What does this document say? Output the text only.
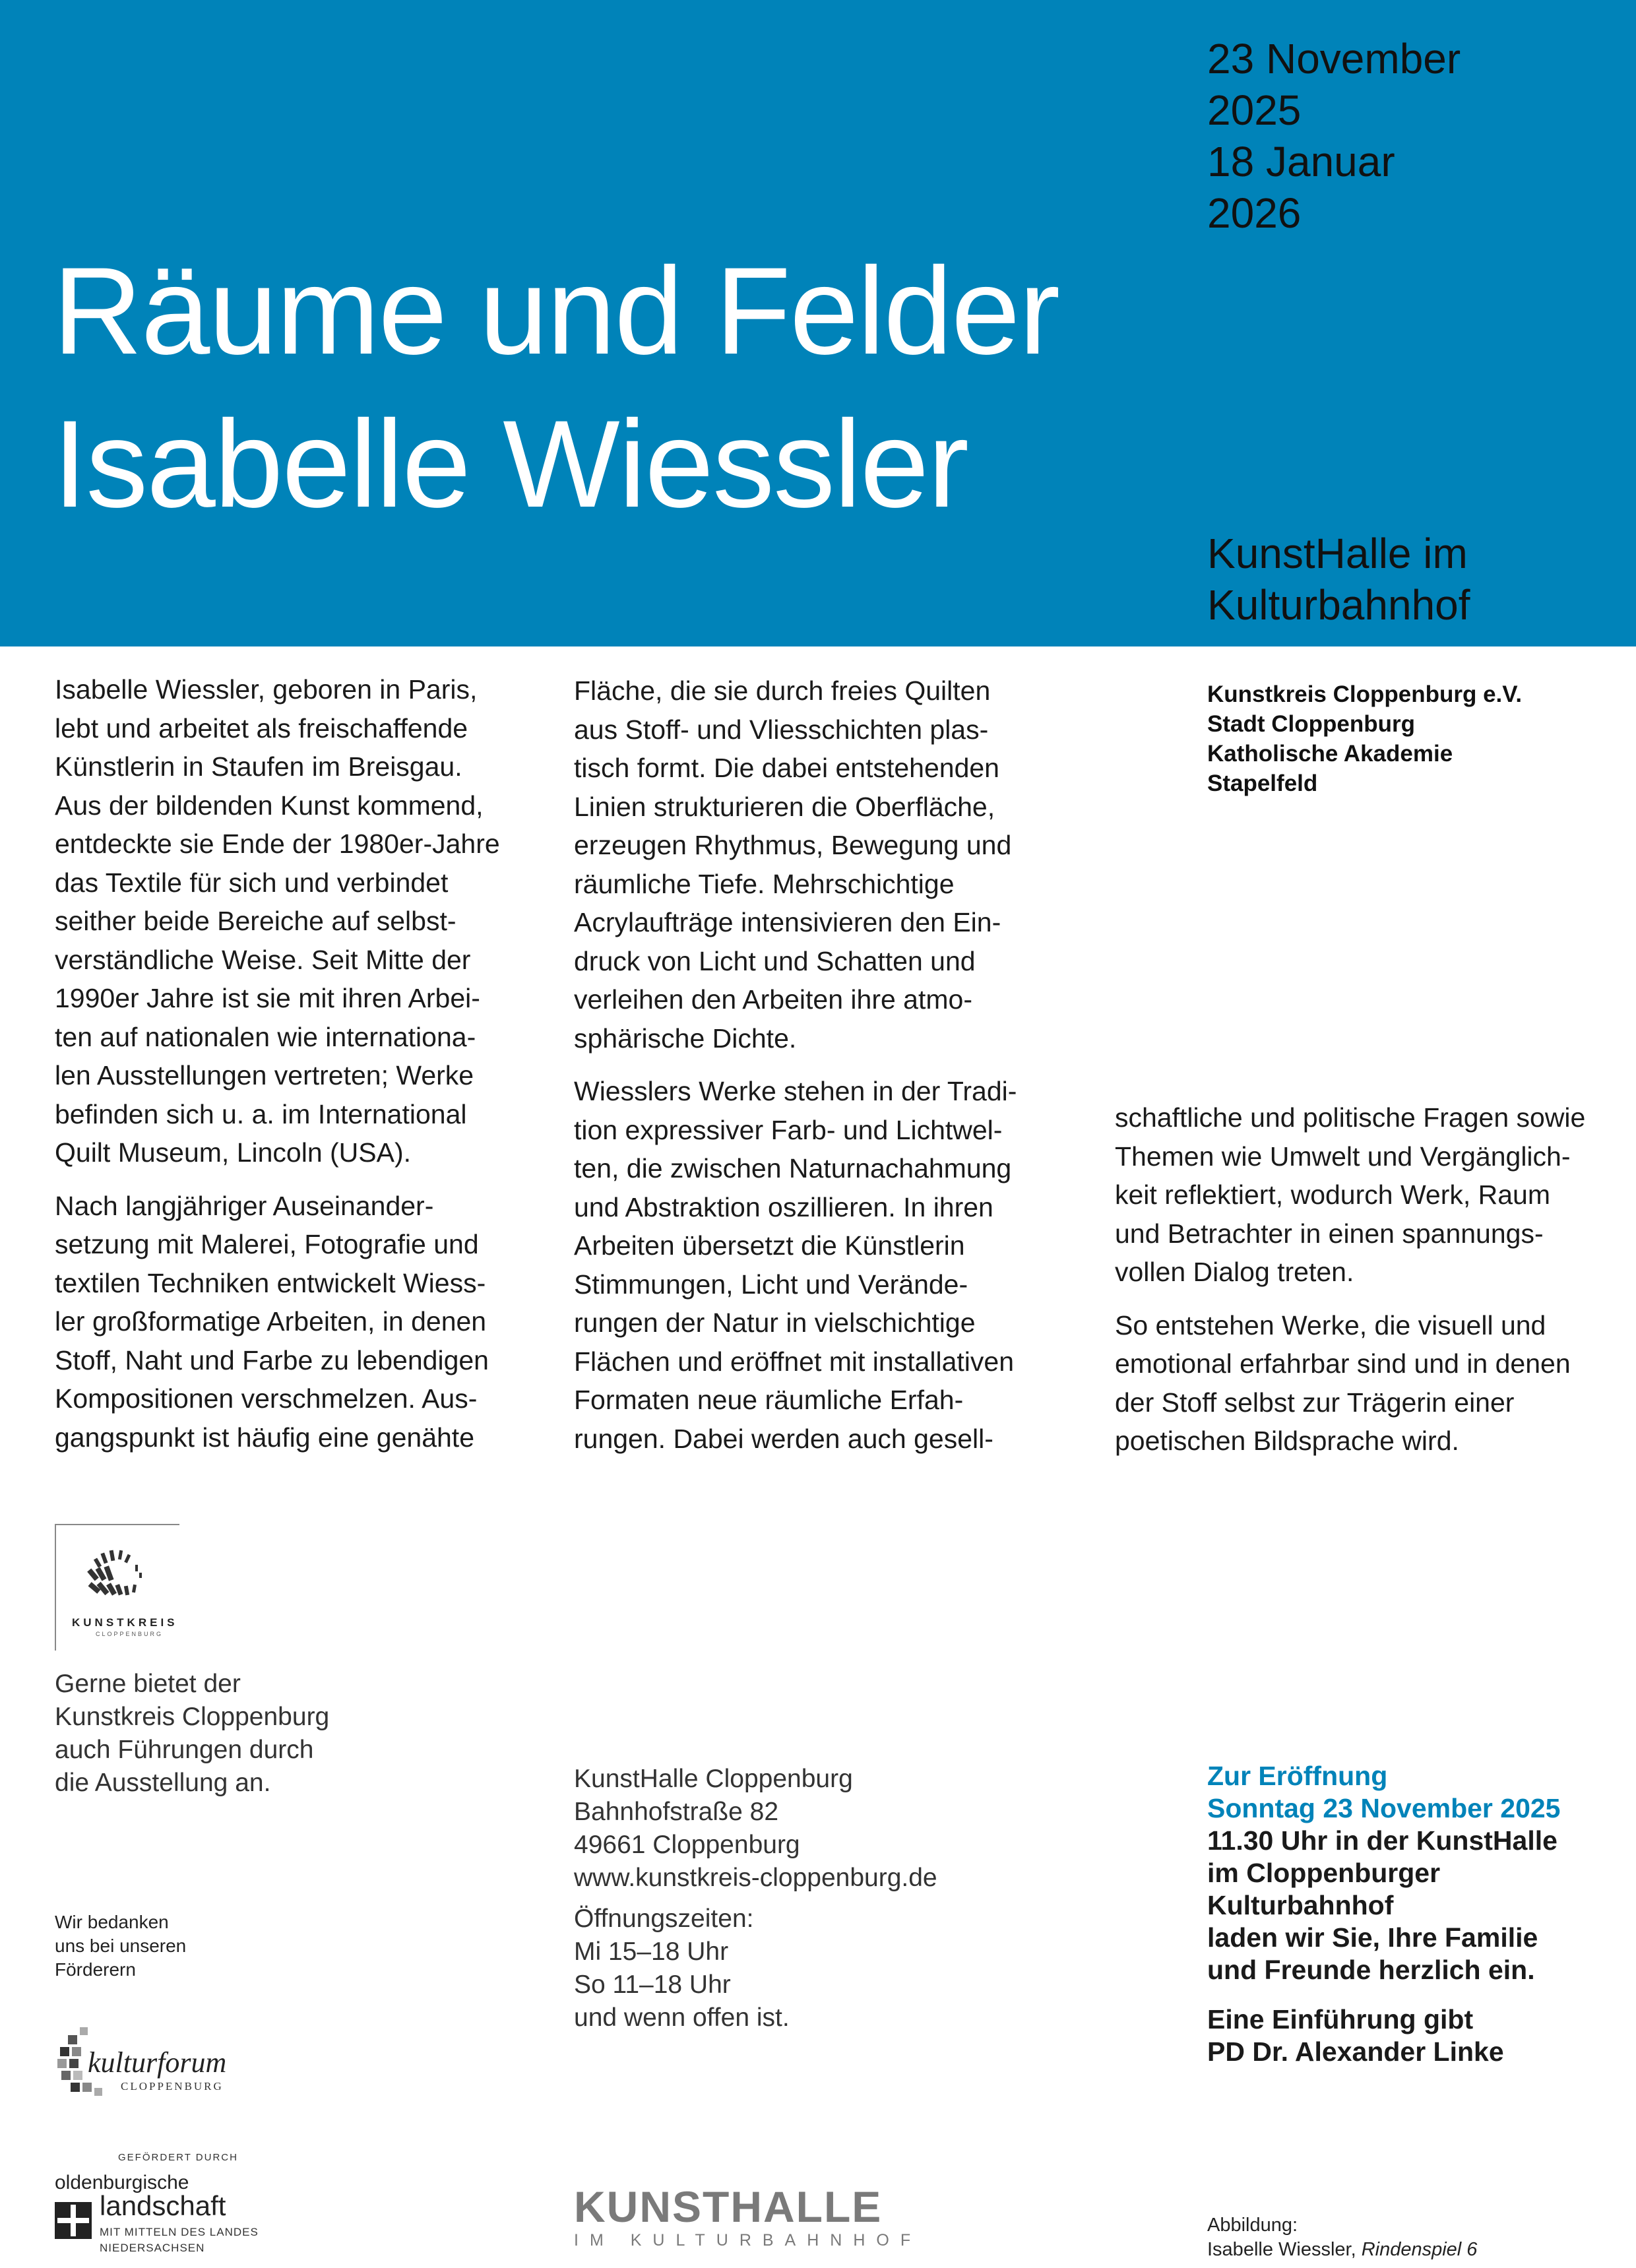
23 November
2025
18 Januar
2026
Räume und Felder
Isabelle Wiessler
KunstHalle im
Kulturbahnhof
Kunstkreis Cloppenburg e.V.
Stadt Cloppenburg
Katholische Akademie
Stapelfeld

Isabelle Wiessler, geboren in Paris,
lebt und arbeitet als freischaffende
Künstlerin in Staufen im Breisgau.
Aus der bildenden Kunst kommend,
entdeckte sie Ende der 1980er-Jahre
das Textile für sich und verbindet
seither beide Bereiche auf selbst-
verständliche Weise. Seit Mitte der
1990er Jahre ist sie mit ihren Arbei-
ten auf nationalen wie internationa-
len Ausstellungen vertreten; Werke
befinden sich u. a. im International
Quilt Museum, Lincoln (USA).

Nach langjähriger Auseinander-
setzung mit Malerei, Fotografie und
textilen Techniken entwickelt Wiess-
ler großformatige Arbeiten, in denen
Stoff, Naht und Farbe zu lebendigen
Kompositionen verschmelzen. Aus-
gangspunkt ist häufig eine genähte

Fläche, die sie durch freies Quilten
aus Stoff- und Vliesschichten plas-
tisch formt. Die dabei entstehenden
Linien strukturieren die Oberfläche,
erzeugen Rhythmus, Bewegung und
räumliche Tiefe. Mehrschichtige
Acrylaufträge intensivieren den Ein-
druck von Licht und Schatten und
verleihen den Arbeiten ihre atmo-
sphärische Dichte.

Wiesslers Werke stehen in der Tradi-
tion expressiver Farb- und Lichtwel-
ten, die zwischen Naturnachahmung
und Abstraktion oszillieren. In ihren
Arbeiten übersetzt die Künstlerin
Stimmungen, Licht und Verände-
rungen der Natur in vielschichtige
Flächen und eröffnet mit installativen
Formaten neue räumliche Erfah-
rungen. Dabei werden auch gesell-

schaftliche und politische Fragen sowie
Themen wie Umwelt und Vergänglich-
keit reflektiert, wodurch Werk, Raum
und Betrachter in einen spannungs-
vollen Dialog treten.

So entstehen Werke, die visuell und
emotional erfahrbar sind und in denen
der Stoff selbst zur Trägerin einer
poetischen Bildsprache wird.

KUNSTKREIS
CLOPPENBURG
Gerne bietet der
Kunstkreis Cloppenburg
auch Führungen durch
die Ausstellung an.	KunstHalle Cloppenburg
Bahnhofstraße 82
49661 Cloppenburg
www.kunstkreis-cloppenburg.de
Öffnungszeiten:
Mi 15–18 Uhr
So 11–18 Uhr
und wenn offen ist.
Zur Eröffnung
Sonntag 23 November 2025
11.30 Uhr in der KunstHalle
im Cloppenburger
Kulturbahnhof
laden wir Sie, Ihre Familie
und Freunde herzlich ein.
Eine Einführung gibt
PD Dr. Alexander Linke
Wir bedanken
uns bei unseren
Förderern
kulturforum
CLOPPENBURG
GEFÖRDERT DURCH
oldenburgische
landschaft
MIT MITTELN DES LANDES
NIEDERSACHSEN
KUNSTHALLE
IM KULTURBAHNHOF
Abbildung:
Isabelle Wiessler, Rindenspiel 6
